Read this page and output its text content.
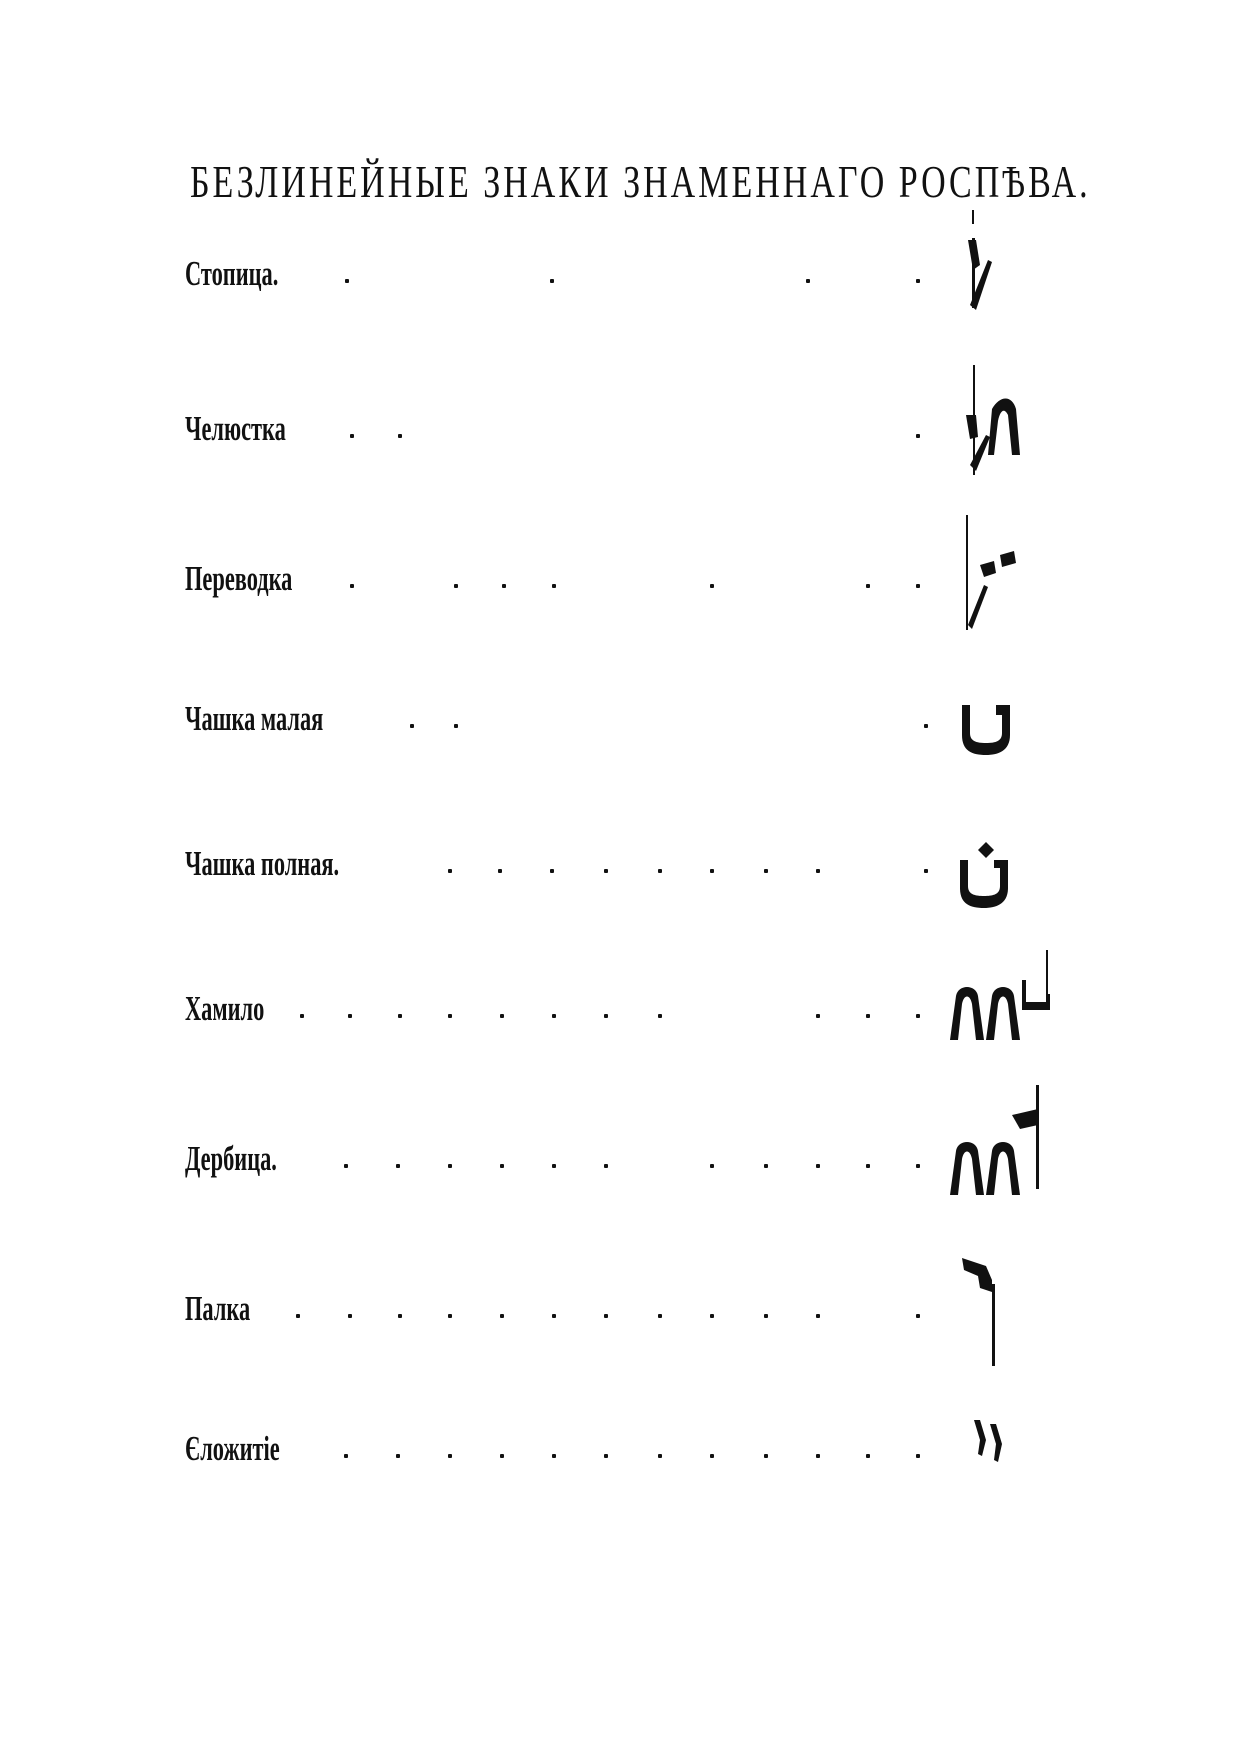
БЕЗЛИНЕЙНЫЕ ЗНАКИ ЗНАМЕННАГО РОСПѢВА.
Стопица.
Челюстка
Переводка
Чашка малая
Чашка полная.
Хамило
Дербица.
Палка
Єложитіе
